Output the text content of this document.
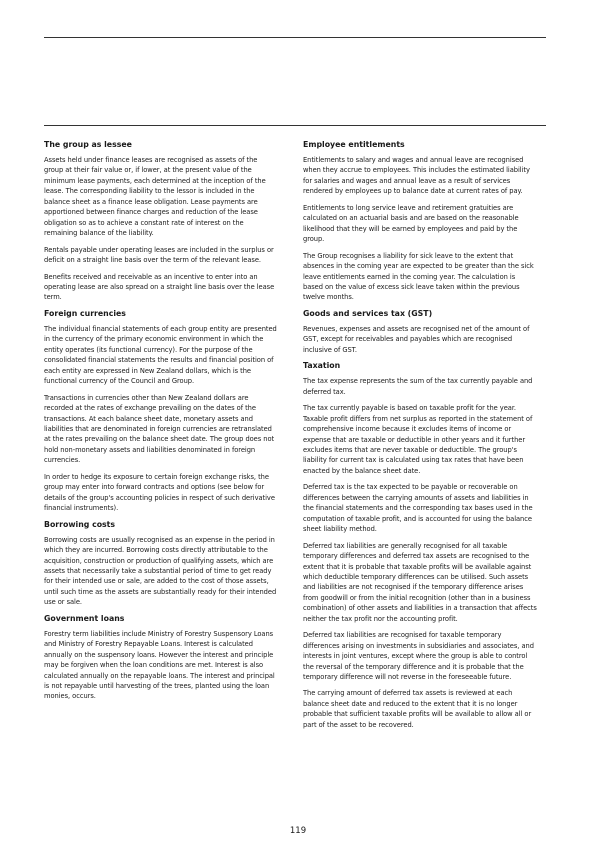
The group as lessee

Assets held under finance leases are recognised as assets of the group at their fair value or, if lower, at the present value of the minimum lease payments, each determined at the inception of the lease. The corresponding liability to the lessor is included in the balance sheet as a finance lease obligation. Lease payments are apportioned between finance charges and reduction of the lease obligation so as to achieve a constant rate of interest on the remaining balance of the liability.

Rentals payable under operating leases are included in the surplus or deficit on a straight line basis over the term of the relevant lease.

Benefits received and receivable as an incentive to enter into an operating lease are also spread on a straight line basis over the lease term.

Foreign currencies

The individual financial statements of each group entity are presented in the currency of the primary economic environment in which the entity operates (its functional currency). For the purpose of the consolidated financial statements the results and financial position of each entity are expressed in New Zealand dollars, which is the functional currency of the Council and Group.

Transactions in currencies other than New Zealand dollars are recorded at the rates of exchange prevailing on the dates of the transactions. At each balance sheet date, monetary assets and liabilities that are denominated in foreign currencies are retranslated at the rates prevailing on the balance sheet date. The group does not hold non-monetary assets and liabilities denominated in foreign currencies.

In order to hedge its exposure to certain foreign exchange risks, the group may enter into forward contracts and options (see below for details of the group's accounting policies in respect of such derivative financial instruments).

Borrowing costs

Borrowing costs are usually recognised as an expense in the period in which they are incurred. Borrowing costs directly attributable to the acquisition, construction or production of qualifying assets, which are assets that necessarily take a substantial period of time to get ready for their intended use or sale, are added to the cost of those assets, until such time as the assets are substantially ready for their intended use or sale.

Government loans

Forestry term liabilities include Ministry of Forestry Suspensory Loans and Ministry of Forestry Repayable Loans. Interest is calculated annually on the suspensory loans. However the interest and principle may be forgiven when the loan conditions are met. Interest is also calculated annually on the repayable loans. The interest and principal is not repayable until harvesting of the trees, planted using the loan monies, occurs.

Employee entitlements

Entitlements to salary and wages and annual leave are recognised when they accrue to employees. This includes the estimated liability for salaries and wages and annual leave as a result of services rendered by employees up to balance date at current rates of pay.

Entitlements to long service leave and retirement gratuities are calculated on an actuarial basis and are based on the reasonable likelihood that they will be earned by employees and paid by the group.

The Group recognises a liability for sick leave to the extent that absences in the coming year are expected to be greater than the sick leave entitlements earned in the coming year. The calculation is based on the value of excess sick leave taken within the previous twelve months.

Goods and services tax (GST)

Revenues, expenses and assets are recognised net of the amount of GST, except for receivables and payables which are recognised inclusive of GST.

Taxation

The tax expense represents the sum of the tax currently payable and deferred tax.

The tax currently payable is based on taxable profit for the year. Taxable profit differs from net surplus as reported in the statement of comprehensive income because it excludes items of income or expense that are taxable or deductible in other years and it further excludes items that are never taxable or deductible. The group's liability for current tax is calculated using tax rates that have been enacted by the balance sheet date.

Deferred tax is the tax expected to be payable or recoverable on differences between the carrying amounts of assets and liabilities in the financial statements and the corresponding tax bases used in the computation of taxable profit, and is accounted for using the balance sheet liability method.

Deferred tax liabilities are generally recognised for all taxable temporary differences and deferred tax assets are recognised to the extent that it is probable that taxable profits will be available against which deductible temporary differences can be utilised. Such assets and liabilities are not recognised if the temporary difference arises from goodwill or from the initial recognition (other than in a business combination) of other assets and liabilities in a transaction that affects neither the tax profit nor the accounting profit.

Deferred tax liabilities are recognised for taxable temporary differences arising on investments in subsidiaries and associates, and interests in joint ventures, except where the group is able to control the reversal of the temporary difference and it is probable that the temporary difference will not reverse in the foreseeable future.

The carrying amount of deferred tax assets is reviewed at each balance sheet date and reduced to the extent that it is no longer probable that sufficient taxable profits will be available to allow all or part of the asset to be recovered.

119
